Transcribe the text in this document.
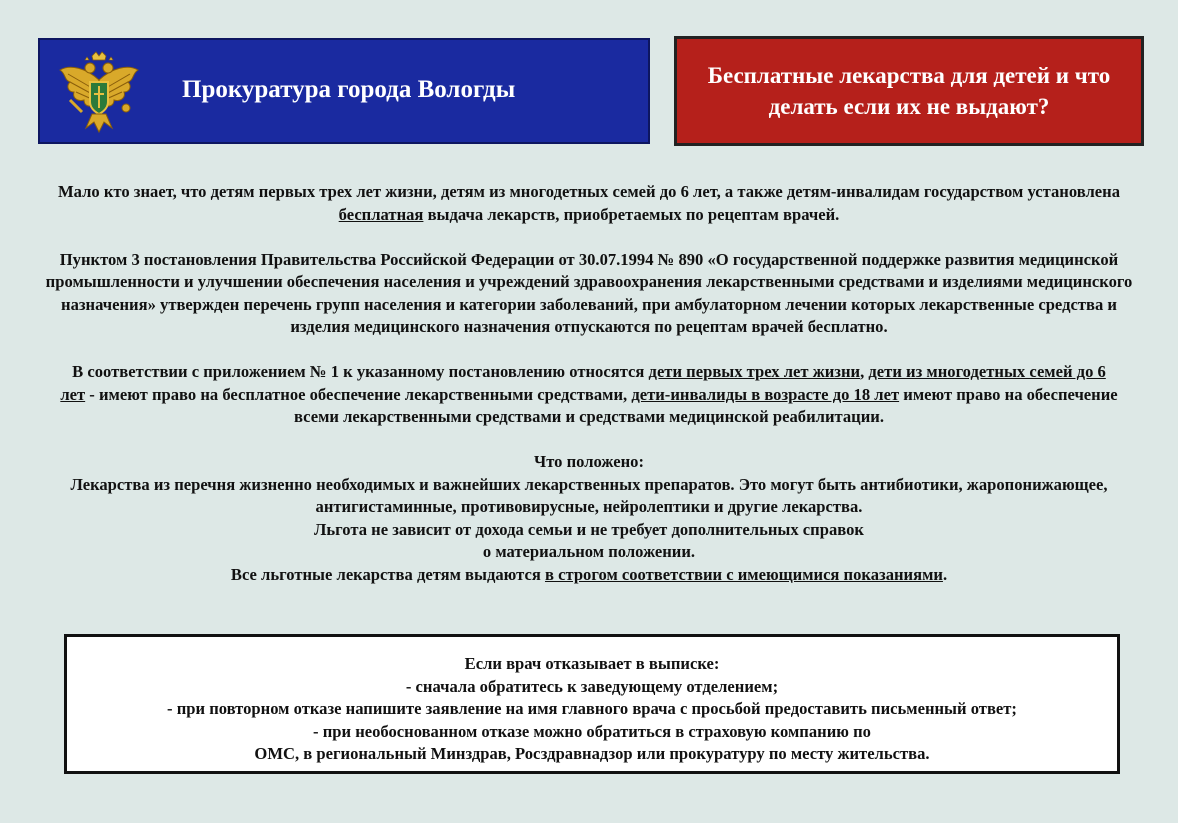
Прокуратура города Вологды
Бесплатные лекарства для детей и что
делать если их не выдают?

Мало кто знает, что детям первых трех лет жизни, детям из многодетных семей до 6 лет, а также детям-инвалидам государством установлена бесплатная выдача лекарств, приобретаемых по рецептам врачей.

Пунктом 3 постановления Правительства Российской Федерации от 30.07.1994 № 890 «О государственной поддержке развития медицинской промышленности и улучшении обеспечения населения и учреждений здравоохранения лекарственными средствами и изделиями медицинского назначения» утвержден перечень групп населения и категории заболеваний, при амбулаторном лечении которых лекарственные средства и изделия медицинского назначения отпускаются по рецептам врачей бесплатно.

В соответствии с приложением № 1 к указанному постановлению относятся дети первых трех лет жизни, дети из многодетных семей до 6 лет - имеют право на бесплатное обеспечение лекарственными средствами, дети-инвалиды в возрасте до 18 лет имеют право на обеспечение всеми лекарственными средствами и средствами медицинской реабилитации.

Что положено:

Лекарства из перечня жизненно необходимых и важнейших лекарственных препаратов. Это могут быть антибиотики, жаропонижающее, антигистаминные, противовирусные, нейролептики и другие лекарства.

Льгота не зависит от дохода семьи и не требует дополнительных справок

о материальном положении.

Все льготные лекарства детям выдаются в строгом соответствии с имеющимися показаниями.

Если врач отказывает в выписке:
- сначала обратитесь к заведующему отделением;
- при повторном отказе напишите заявление на имя главного врача с просьбой предоставить письменный ответ;
- при необоснованном отказе можно обратиться в страховую компанию по
ОМС, в региональный Минздрав, Росздравнадзор или прокуратуру по месту жительства.
